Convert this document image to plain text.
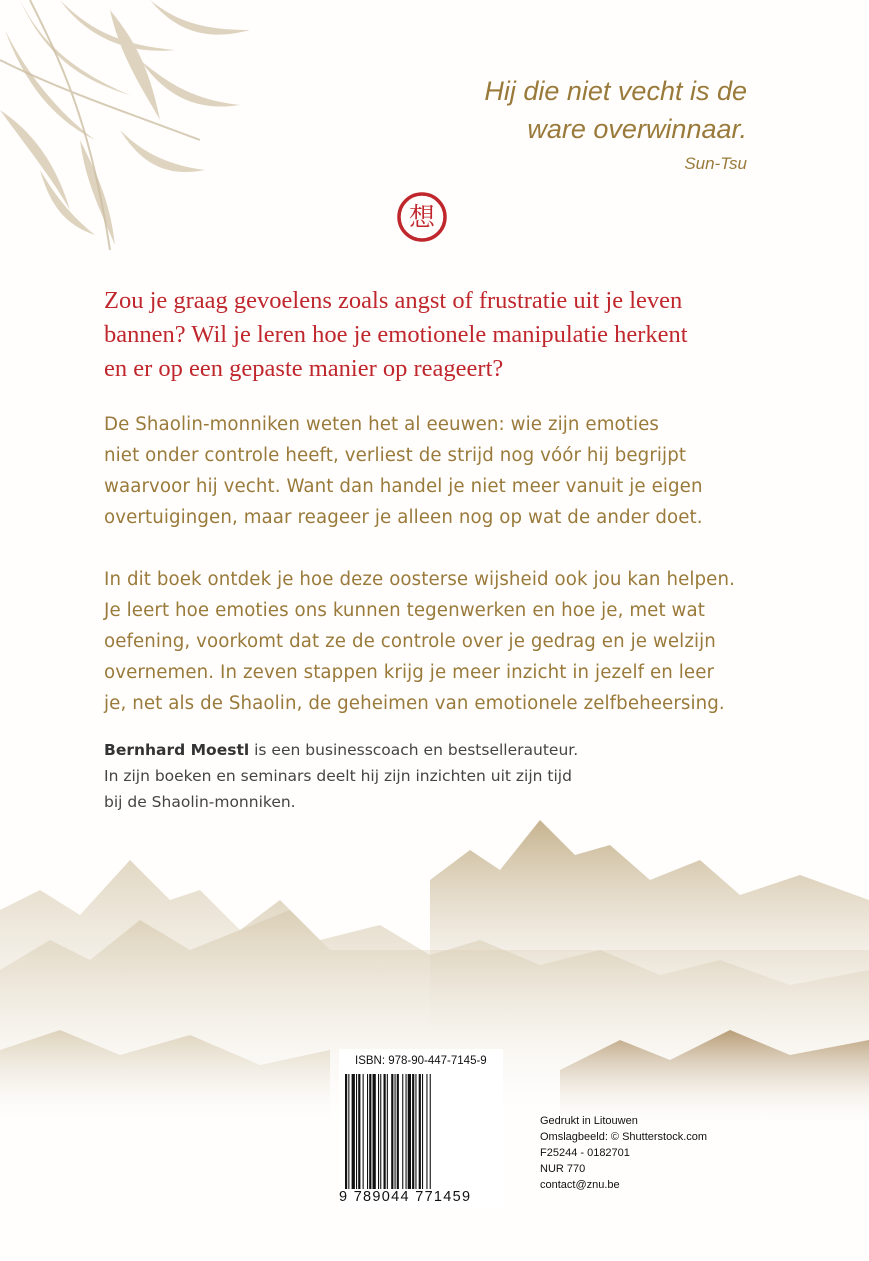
Hij die niet vecht is de
ware overwinnaar.
Sun-Tsu
想

Zou je graag gevoelens zoals angst of frustratie uit je leven

bannen? Wil je leren hoe je emotionele manipulatie herkent

en er op een gepaste manier op reageert?

De Shaolin-monniken weten het al eeuwen: wie zijn emoties

niet onder controle heeft, verliest de strijd nog vóór hij begrijpt

waarvoor hij vecht. Want dan handel je niet meer vanuit je eigen

overtuigingen, maar reageer je alleen nog op wat de ander doet.

In dit boek ontdek je hoe deze oosterse wijsheid ook jou kan helpen.

Je leert hoe emoties ons kunnen tegenwerken en hoe je, met wat

oefening, voorkomt dat ze de controle over je gedrag en je welzijn

overnemen. In zeven stappen krijg je meer inzicht in jezelf en leer

je, net als de Shaolin, de geheimen van emotionele zelfbeheersing.

Bernhard Moestl is een businesscoach en bestsellerauteur.

In zijn boeken en seminars deelt hij zijn inzichten uit zijn tijd

bij de Shaolin-monniken.

ISBN: 978-90-447-7145-9
9 789044 771459
Gedrukt in Litouwen
Omslagbeeld: © Shutterstock.com
F25244 - 0182701
NUR 770
contact@znu.be
